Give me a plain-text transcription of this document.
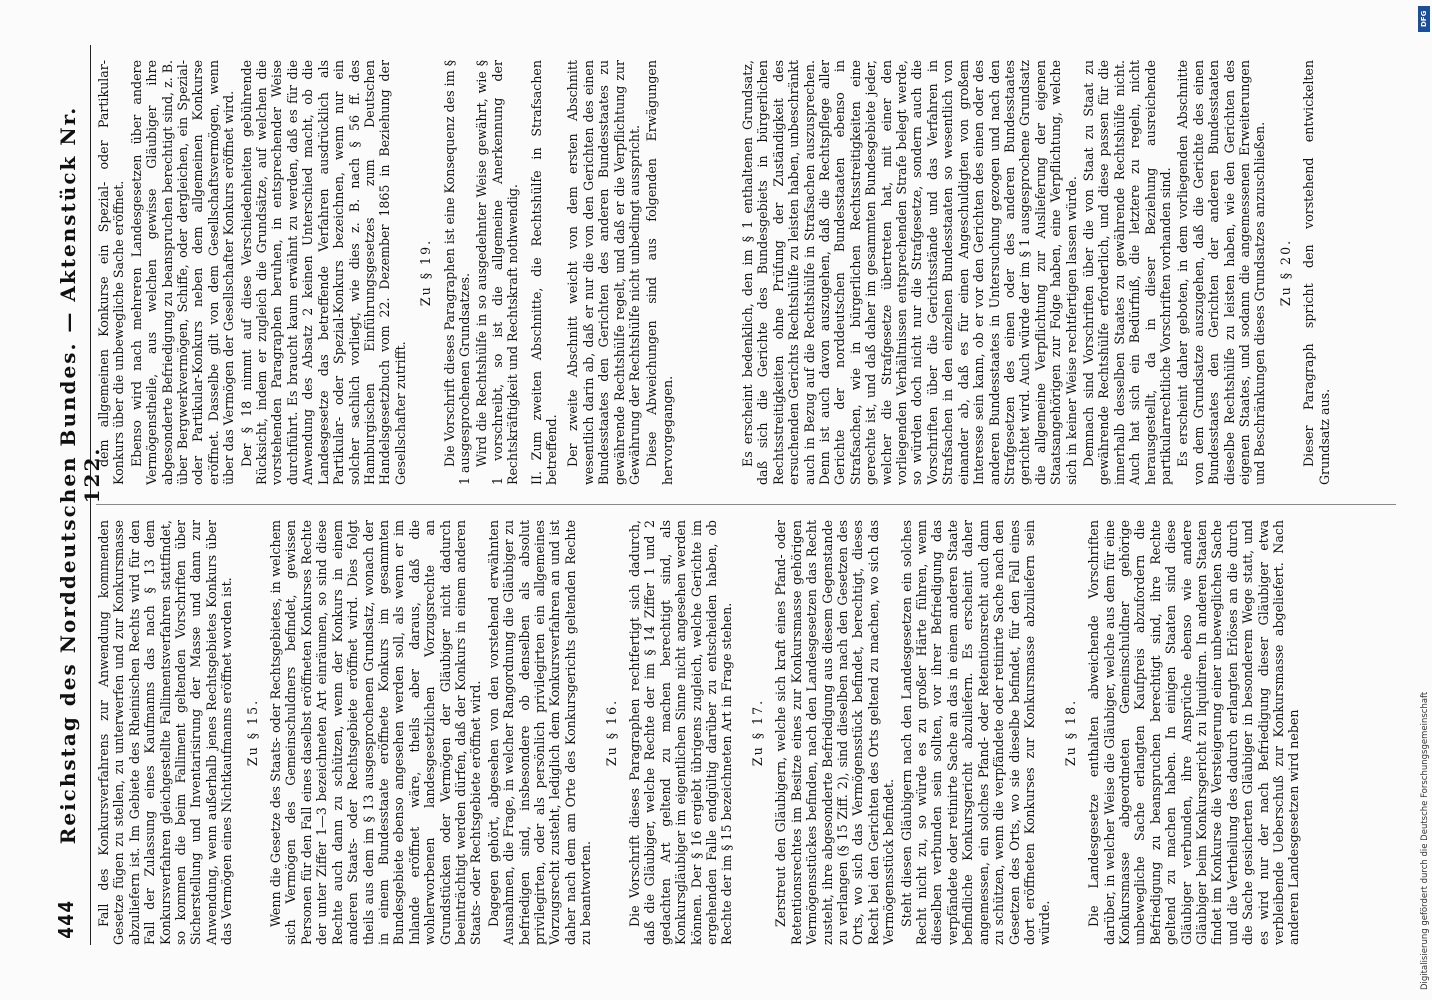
444
Reichstag des Norddeutschen Bundes. — Aktenstück Nr. 122.

Fall des Konkursverfahrens zur Anwendung kommenden Gesetze fügen zu stellen, zu unterwerfen und zur Konkursmasse abzuliefern ist. Im Gebiete des Rheinischen Rechts wird für den Fall der Zulassung eines Kaufmanns das nach § 13 dem Konkursverfahren gleichgestellte Fallimentsverfahren stattfindet, so kommen die beim Falliment geltenden Vorschriften über Sicherstellung und Inventarisirung der Masse und dann zur Anwendung, wenn außerhalb jenes Rechtsgebietes Konkurs über das Vermögen eines Nichtkaufmanns eröffnet worden ist. Zu § 15. Wenn die Gesetze des Staats- oder Rechtsgebietes, in welchem sich Vermögen des Gemeinschuldners befindet, gewissen Personen für den Fall eines daselbst eröffneten Konkurses Rechte der unter Ziffer 1—3 bezeichneten Art einräumen, so sind diese Rechte auch dann zu schützen, wenn der Konkurs in einem anderen Staats- oder Rechtsgebiete eröffnet wird. Dies folgt theils aus dem im § 13 ausgesprochenen Grundsatz, wonach der in einem Bundesstaate eröffnete Konkurs im gesammten Bundesgebiete ebenso angesehen werden soll, als wenn er im Inlande eröffnet wäre, theils aber daraus, daß die wohlerworbenen landesgesetzlichen Vorzugsrechte an Grundstücken oder Vermögen der Gläubiger nicht dadurch beeinträchtigt werden dürfen, daß der Konkurs in einem anderen Staats- oder Rechtsgebiete eröffnet wird. Dagegen gehört, abgesehen von den vorstehend erwähnten Ausnahmen, die Frage, in welcher Rangordnung die Gläubiger zu befriedigen sind, insbesondere ob denselben als absolut privilegirten, oder als persönlich privilegirten ein allgemeines Vorzugsrecht zusteht, lediglich dem Konkursverfahren an und ist daher nach dem am Orte des Konkursgerichts geltenden Rechte zu beantworten.

Zu § 16. Die Vorschrift dieses Paragraphen rechtfertigt sich dadurch, daß die Gläubiger, welche Rechte der im § 14 Ziffer 1 und 2 gedachten Art geltend zu machen berechtigt sind, als Konkursgläubiger im eigentlichen Sinne nicht angesehen werden können. Der § 16 ergiebt übrigens zugleich, welche Gerichte im ergehenden Falle endgültig darüber zu entscheiden haben, ob Rechte der im § 15 bezeichneten Art in Frage stehen. Zu § 17. Zerstreut den Gläubigern, welche sich kraft eines Pfand- oder Retentionsrechtes im Besitze eines zur Konkursmasse gehörigen Vermögensstückes befinden, nach den Landesgesetzen das Recht zusteht, ihre abgesonderte Befriedigung aus diesem Gegenstande zu verlangen (§ 15 Ziff. 2), sind dieselben nach den Gesetzen des Orts, wo sich das Vermögensstück befindet, berechtigt, dieses Recht bei den Gerichten des Orts geltend zu machen, wo sich das Vermögensstück befindet. Steht diesen Gläubigern nach den Landesgesetzen ein solches Recht nicht zu, so würde es zu großer Härte führen, wenn dieselben verbunden sein sollten, vor ihrer Befriedigung das verpfändete oder retinirte Sache an das in einem anderen Staate befindliche Konkursgericht abzuliefern. Es erscheint daher angemessen, ein solches Pfand- oder Retentionsrecht auch dann zu schützen, wenn die verpfändete oder retinirte Sache nach den Gesetzen des Orts, wo sie dieselbe befindet, für den Fall eines dort eröffneten Konkurses zur Konkursmasse abzuliefern sein würde.

Zu § 18. Die Landesgesetze enthalten abweichende Vorschriften darüber, in welcher Weise die Gläubiger, welche aus dem für eine Konkursmasse abgeordneten Gemeinschuldner gehörige unbewegliche Sache erlangten Kaufpreis abzufordern die Befriedigung zu beanspruchen berechtigt sind, ihre Rechte geltend zu machen haben. In einigen Staaten sind diese Gläubiger verbunden, ihre Ansprüche ebenso wie andere Gläubiger beim Konkursgericht zu liquidiren. In anderen Staaten findet im Konkurse die Versteigerung einer unbeweglichen Sache und die Vertheilung des dadurch erlangten Erlöses an die durch die Sache gesicherten Gläubiger in besonderem Wege statt, und es wird nur der nach Befriedigung dieser Gläubiger etwa verbleibende Ueberschuß zur Konkursmasse abgeliefert. Nach anderen Landesgesetzen wird neben

dem allgemeinen Konkurse ein Spezial- oder Partikular-Konkurs über die unbewegliche Sache eröffnet. Ebenso wird nach mehreren Landesgesetzen über andere Vermögenstheile, aus welchen gewisse Gläubiger ihre abgesonderte Befriedigung zu beanspruchen berechtigt sind, z. B. über Bergwerkvermögen, Schiffe, oder dergleichen, ein Spezial- oder Partikular-Konkurs neben dem allgemeinen Konkurse eröffnet. Dasselbe gilt von dem Gesellschaftsvermögen, wenn über das Vermögen der Gesellschafter Konkurs eröffnet wird. Der § 18 nimmt auf diese Verschiedenheiten gebührende Rücksicht, indem er zugleich die Grundsätze, auf welchen die vorstehenden Paragraphen beruhen, in entsprechender Weise durchführt. Es braucht kaum erwähnt zu werden, daß es für die Anwendung des Absatz 2 keinen Unterschied macht, ob die Landesgesetze das betreffende Verfahren ausdrücklich als Partikular- oder Spezial-Konkurs bezeichnen, wenn nur ein solcher sachlich vorliegt, wie dies z. B. nach § 56 ff. des Hamburgischen Einführungsgesetzes zum Deutschen Handelsgesetzbuch vom 22. Dezember 1865 in Beziehung der Gesellschafter zutrifft.

Zu § 19. Die Vorschrift dieses Paragraphen ist eine Konsequenz des im § 1 ausgesprochenen Grundsatzes. Wird die Rechtshülfe in so ausgedehnter Weise gewährt, wie § 1 vorschreibt, so ist die allgemeine Anerkennung der Rechtskräftigkeit und Rechtskraft nothwendig. II. Zum zweiten Abschnitte, die Rechtshülfe in Strafsachen betreffend. Der zweite Abschnitt weicht von dem ersten Abschnitt wesentlich darin ab, daß er nur die von den Gerichten des einen Bundesstaates den Gerichten des anderen Bundesstaates zu gewährende Rechtshülfe regelt, und daß er die Verpflichtung zur Gewährung der Rechtshülfe nicht unbedingt ausspricht. Diese Abweichungen sind aus folgenden Erwägungen hervorgegangen.	Es erscheint bedenklich, den im § 1 enthaltenen Grundsatz, daß sich die Gerichte des Bundesgebiets in bürgerlichen Rechtsstreitigkeiten ohne Prüfung der Zuständigkeit des ersuchenden Gerichts Rechtshülfe zu leisten haben, unbeschränkt auch in Bezug auf die Rechtshülfe in Strafsachen auszusprechen. Denn ist auch davon auszugehen, daß die Rechtspflege aller Gerichte der norddeutschen Bundesstaaten ebenso in Strafsachen, wie in bürgerlichen Rechtsstreitigkeiten eine gerechte ist, und daß daher im gesammten Bundesgebiete jeder, welcher die Strafgesetze übertreten hat, mit einer den vorliegenden Verhältnissen entsprechenden Strafe belegt werde, so würden doch nicht nur die Strafgesetze, sondern auch die Vorschriften über die Gerichtsstände und das Verfahren in Strafsachen in den einzelnen Bundesstaaten so wesentlich von einander ab, daß es für einen Angeschuldigten von großem Interesse sein kann, ob er vor den Gerichten des einen oder des anderen Bundesstaates in Untersuchung gezogen und nach den Strafgesetzen des einen oder des anderen Bundesstaates gerichtet wird. Auch würde der im § 1 ausgesprochene Grundsatz die allgemeine Verpflichtung zur Auslieferung der eigenen Staatsangehörigen zur Folge haben, eine Verpflichtung, welche sich in keiner Weise rechtfertigen lassen würde. Demnach sind Vorschriften über die von Staat zu Staat zu gewährende Rechtshülfe erforderlich, und diese passen für die innerhalb desselben Staates zu gewährende Rechtshülfe nicht. Auch hat sich ein Bedürfniß, die letztere zu regeln, nicht herausgestellt, da in dieser Beziehung ausreichende partikularrechtliche Vorschriften vorhanden sind. Es erscheint daher geboten, in dem vorliegenden Abschnitte von dem Grundsatze auszugehen, daß die Gerichte des einen Bundesstaates den Gerichten der anderen Bundesstaaten dieselbe Rechtshülfe zu leisten haben, wie den Gerichten des eigenen Staates, und sodann die angemessenen Erweiterungen und Beschränkungen dieses Grundsatzes anzuschließen. Zu § 20. Dieser Paragraph spricht den vorstehend entwickelten Grundsatz aus.

DFG
Digitalisierung gefördert durch die Deutsche Forschungsgemeinschaft
